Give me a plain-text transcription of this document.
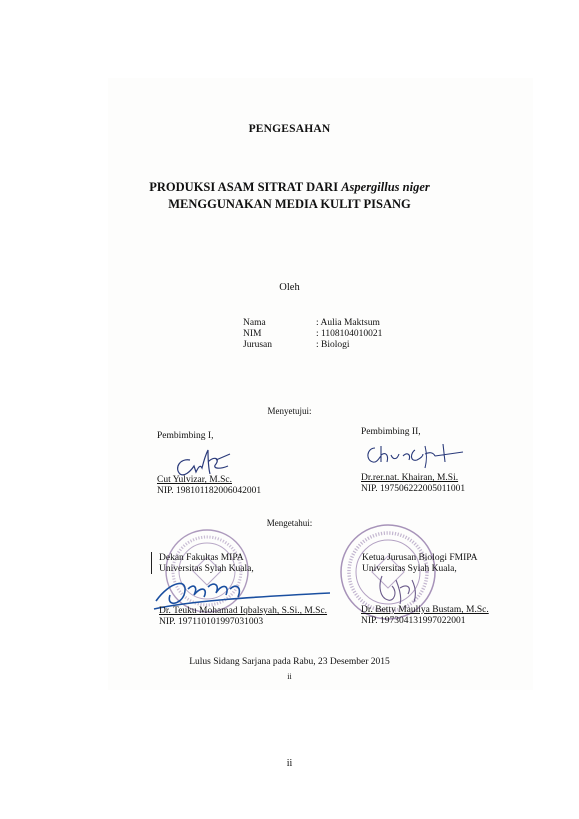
PENGESAHAN
PRODUKSI ASAM SITRAT DARI Aspergillus niger
MENGGUNAKAN MEDIA KULIT PISANG
Oleh
Nama	: Aulia Maktsum
NIM	: 1108104010021
Jurusan	: Biologi
Menyetujui:
Pembimbing I,	Pembimbing II,
Cut Yulvizar, M.Sc.
NIP. 198101182006042001
Dr.rer.nat. Khairan, M.Si.
NIP. 197506222005011001
Mengetahui:
Dekan Fakultas MIPA
Universitas Syiah Kuala,
Ketua Jurusan Biologi FMIPA
Universitas Syiah Kuala,
Dr. Teuku Mohamad Iqbalsyah, S.Si., M.Sc.
NIP. 197110101997031003
Dr. Betty Mauliya Bustam, M.Sc.
NIP. 197304131997022001
Lulus Sidang Sarjana pada Rabu, 23 Desember 2015
ii
ii
